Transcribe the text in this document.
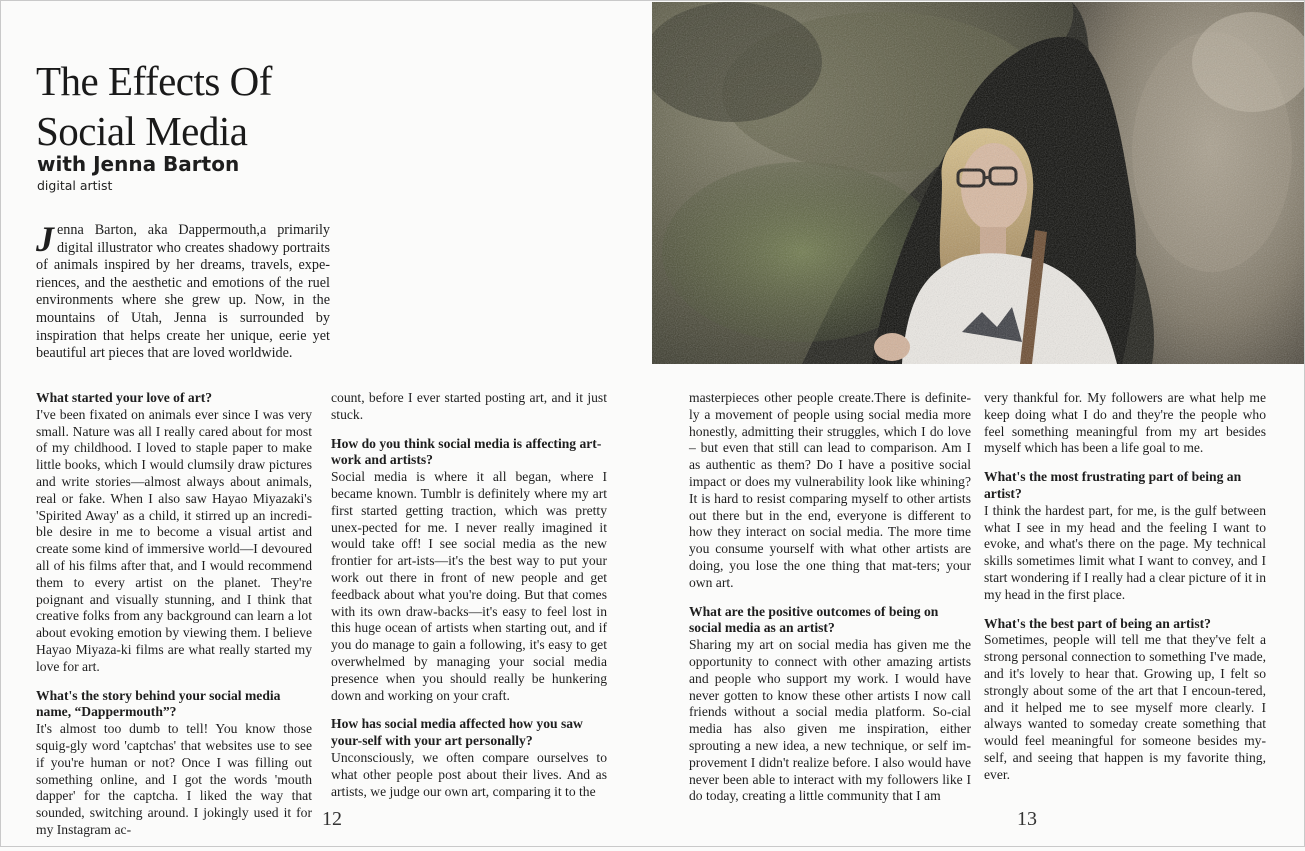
The Effects Of Social Media
with Jenna Barton
digital artist

Jenna Barton, aka Dappermouth,a primarily digital illustrator who creates shadowy portraits of animals inspired by her dreams, travels, expe-riences, and the aesthetic and emotions of the ruel environments where she grew up. Now, in the mountains of Utah, Jenna is surrounded by inspiration that helps create her unique, eerie yet beautiful art pieces that are loved worldwide.

What started your love of art?

I've been fixated on animals ever since I was very small. Nature was all I really cared about for most of my childhood. I loved to staple paper to make little books, which I would clumsily draw pictures and write stories—almost always about animals, real or fake. When I also saw Hayao Miyazaki's 'Spirited Away' as a child, it stirred up an incredi-ble desire in me to become a visual artist and create some kind of immersive world—I devoured all of his films after that, and I would recommend them to every artist on the planet. They're poignant and visually stunning, and I think that creative folks from any background can learn a lot about evoking emotion by viewing them. I believe Hayao Miyaza-ki films are what really started my love for art.

What's the story behind your social media name, “Dappermouth”?

It's almost too dumb to tell! You know those squig-gly word 'captchas' that websites use to see if you're human or not? Once I was filling out something online, and I got the words 'mouth dapper' for the captcha. I liked the way that sounded, switching around. I jokingly used it for my Instagram ac-

count, before I ever started posting art, and it just stuck.

How do you think social media is affecting art-work and artists?

Social media is where it all began, where I became known. Tumblr is definitely where my art first started getting traction, which was pretty unex-pected for me. I never really imagined it would take off! I see social media as the new frontier for art-ists—it's the best way to put your work out there in front of new people and get feedback about what you're doing. But that comes with its own draw-backs—it's easy to feel lost in this huge ocean of artists when starting out, and if you do manage to gain a following, it's easy to get overwhelmed by managing your social media presence when you should really be hunkering down and working on your craft.

How has social media affected how you saw your-self with your art personally?

Unconsciously, we often compare ourselves to what other people post about their lives. And as artists, we judge our own art, comparing it to the

12

masterpieces other people create.There is definite-ly a movement of people using social media more honestly, admitting their struggles, which I do love – but even that still can lead to comparison. Am I as authentic as them? Do I have a positive social impact or does my vulnerability look like whining? It is hard to resist comparing myself to other artists out there but in the end, everyone is different to how they interact on social media. The more time you consume yourself with what other artists are doing, you lose the one thing that mat-ters; your own art.

What are the positive outcomes of being on social media as an artist?

Sharing my art on social media has given me the opportunity to connect with other amazing artists and people who support my work. I would have never gotten to know these other artists I now call friends without a social media platform. So-cial media has also given me inspiration, either sprouting a new idea, a new technique, or self im-provement I didn't realize before. I also would have never been able to interact with my followers like I do today, creating a little community that I am

very thankful for. My followers are what help me keep doing what I do and they're the people who feel something meaningful from my art besides myself which has been a life goal to me.

What's the most frustrating part of being an artist?

I think the hardest part, for me, is the gulf between what I see in my head and the feeling I want to evoke, and what's there on the page. My technical skills sometimes limit what I want to convey, and I start wondering if I really had a clear picture of it in my head in the first place.

What's the best part of being an artist?

Sometimes, people will tell me that they've felt a strong personal connection to something I've made, and it's lovely to hear that. Growing up, I felt so strongly about some of the art that I encoun-tered, and it helped me to see myself more clearly. I always wanted to someday create something that would feel meaningful for someone besides my-self, and seeing that happen is my favorite thing, ever.

13
